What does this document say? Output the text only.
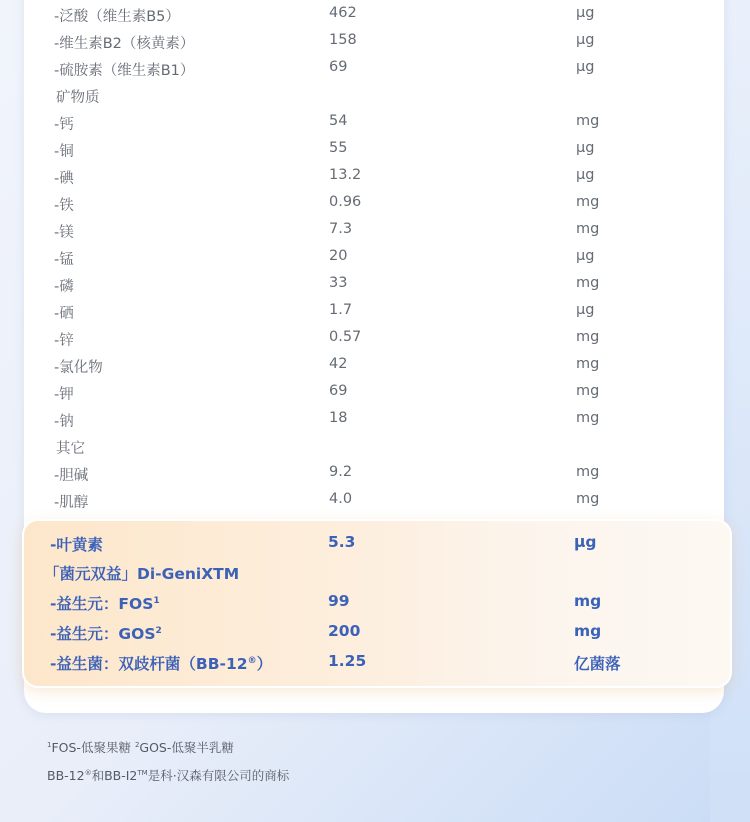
-泛酸（维生素B5）	462	μg
-维生素B2（核黄素）	158	μg
-硫胺素（维生素B1）	69	μg
矿物质
-钙	54	mg
-铜	55	μg
-碘	13.2	μg
-铁	0.96	mg
-镁	7.3	mg
-锰	20	μg
-磷	33	mg
-硒	1.7	μg
-锌	0.57	mg
-氯化物	42	mg
-钾	69	mg
-钠	18	mg
其它
-胆碱	9.2	mg
-肌醇	4.0	mg
-叶黄素	5.3	μg
「菌元双益」Di-GeniXTM
-益生元：FOS$^1$	99	mg
-益生元：GOS$^2$	200	mg
-益生菌：双歧杆菌（BB-12®）	1.25	亿菌落
$^1$FOS-低聚果糖 $^2$GOS-低聚半乳糖
BB-12®和BB-I2™是科·汉森有限公司的商标
